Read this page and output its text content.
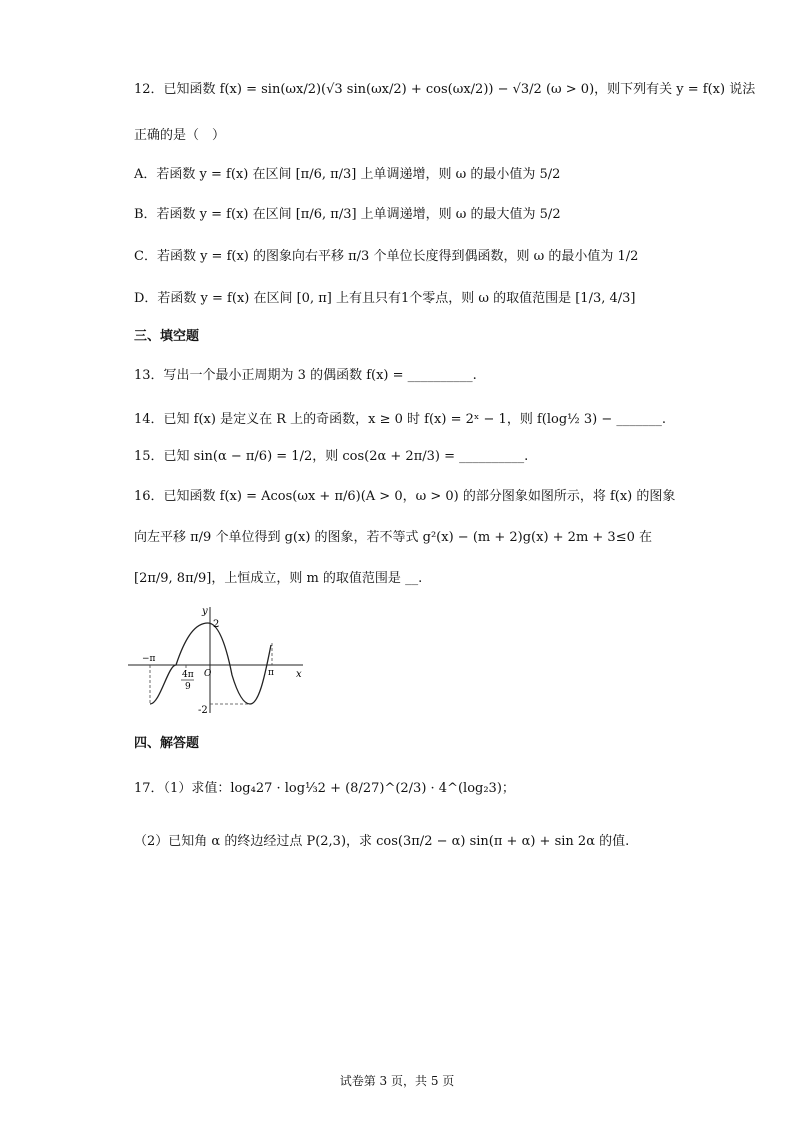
12．已知函数 f(x) = sin(ωx/2)(√3 sin(ωx/2) + cos(ωx/2)) − √3/2 (ω > 0)，则下列有关 y = f(x) 说法
正确的是（　）
A．若函数 y = f(x) 在区间 [π/6, π/3] 上单调递增，则 ω 的最小值为 5/2
B．若函数 y = f(x) 在区间 [π/6, π/3] 上单调递增，则 ω 的最大值为 5/2
C．若函数 y = f(x) 的图象向右平移 π/3 个单位长度得到偶函数，则 ω 的最小值为 1/2
D．若函数 y = f(x) 在区间 [0, π] 上有且只有1个零点，则 ω 的取值范围是 [1/3, 4/3]
三、填空题
13．写出一个最小正周期为 3 的偶函数 f(x) = __________.
14．已知 f(x) 是定义在 R 上的奇函数，x ≥ 0 时 f(x) = 2ˣ − 1，则 f(log½ 3) − _______.
15．已知 sin(α − π/6) = 1/2，则 cos(2α + 2π/3) = __________.
16．已知函数 f(x) = Acos(ωx + π/6)(A > 0，ω > 0) 的部分图象如图所示，将 f(x) 的图象
向左平移 π/9 个单位得到 g(x) 的图象，若不等式 g²(x) − (m + 2)g(x) + 2m + 3≤0 在
[2π/9, 8π/9]，上恒成立，则 m 的取值范围是 __.
y
x
2
-2
−π
π
O
4π
9
四、解答题
17．（1）求值：log₄27 · log⅓2 + (8/27)^(2/3) · 4^(log₂3)；
（2）已知角 α 的终边经过点 P(2,3)，求 cos(3π/2 − α) sin(π + α) + sin 2α 的值.
试卷第 3 页，共 5 页
